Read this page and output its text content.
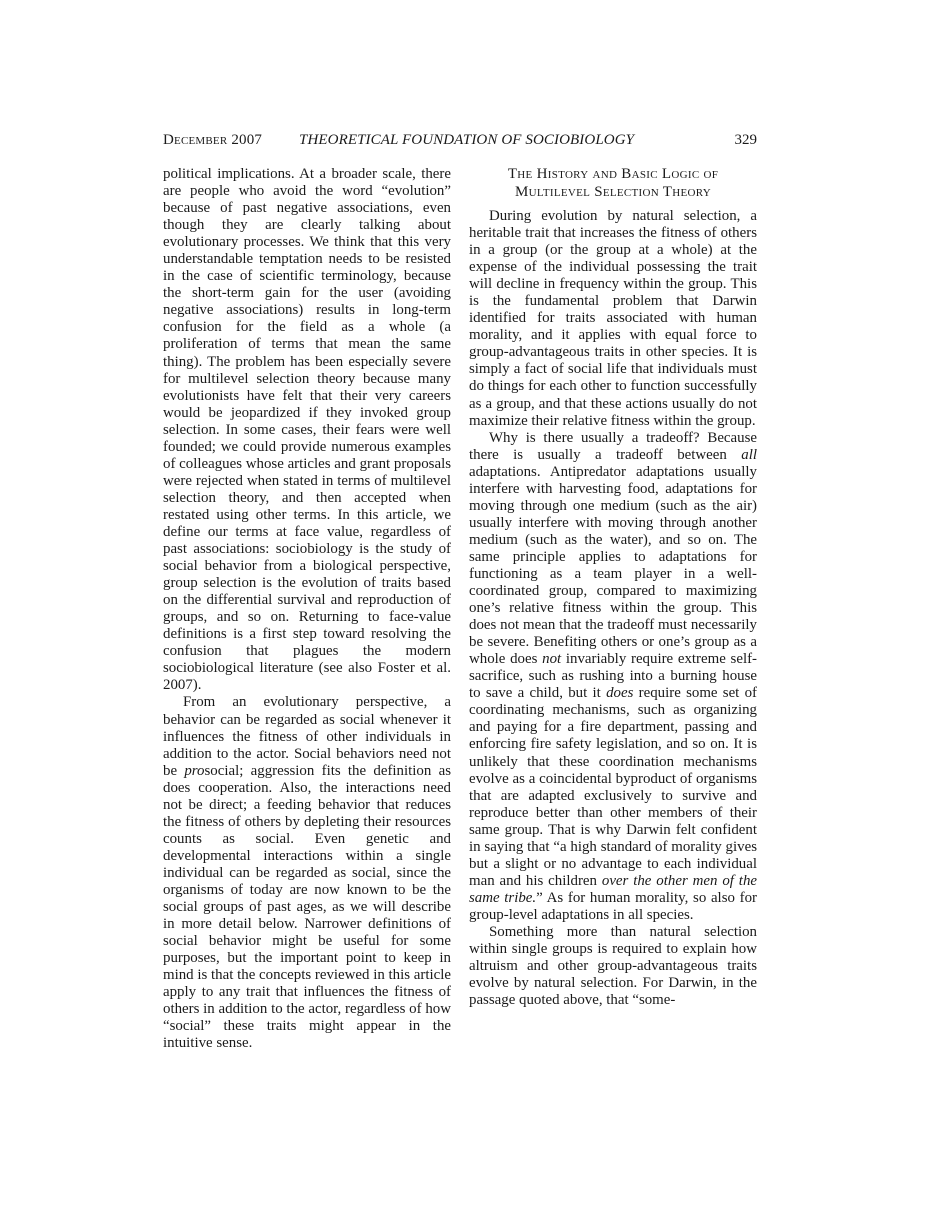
December 2007 THEORETICAL FOUNDATION OF SOCIOBIOLOGY	329

political implications. At a broader scale, there are people who avoid the word “evolution” because of past negative associations, even though they are clearly talking about evolutionary processes. We think that this very understandable temptation needs to be resisted in the case of scientific terminology, because the short-term gain for the user (avoiding negative associations) results in long-term confusion for the field as a whole (a proliferation of terms that mean the same thing). The problem has been especially severe for multilevel selection theory because many evolutionists have felt that their very careers would be jeopardized if they invoked group selection. In some cases, their fears were well founded; we could provide numerous examples of colleagues whose articles and grant proposals were rejected when stated in terms of multilevel selection theory, and then accepted when restated using other terms. In this article, we define our terms at face value, regardless of past associations: sociobiology is the study of social behavior from a biological perspective, group selection is the evolution of traits based on the differential survival and reproduction of groups, and so on. Returning to face-value definitions is a first step toward resolving the confusion that plagues the modern sociobiological literature (see also Foster et al. 2007).

From an evolutionary perspective, a behavior can be regarded as social whenever it influences the fitness of other individuals in addition to the actor. Social behaviors need not be prosocial; aggression fits the definition as does cooperation. Also, the interactions need not be direct; a feeding behavior that reduces the fitness of others by depleting their resources counts as social. Even genetic and developmental interactions within a single individual can be regarded as social, since the organisms of today are now known to be the social groups of past ages, as we will describe in more detail below. Narrower definitions of social behavior might be useful for some purposes, but the important point to keep in mind is that the concepts reviewed in this article apply to any trait that influences the fitness of others in addition to the actor, regardless of how “social” these traits might appear in the intuitive sense.

The History and Basic Logic of
Multilevel Selection Theory

During evolution by natural selection, a heritable trait that increases the fitness of others in a group (or the group at a whole) at the expense of the individual possessing the trait will decline in frequency within the group. This is the fundamental problem that Darwin identified for traits associated with human morality, and it applies with equal force to group-advantageous traits in other species. It is simply a fact of social life that individuals must do things for each other to function successfully as a group, and that these actions usually do not maximize their relative fitness within the group.

Why is there usually a tradeoff? Because there is usually a tradeoff between all adaptations. Antipredator adaptations usually interfere with harvesting food, adaptations for moving through one medium (such as the air) usually interfere with moving through another medium (such as the water), and so on. The same principle applies to adaptations for functioning as a team player in a well-coordinated group, compared to maximizing one’s relative fitness within the group. This does not mean that the tradeoff must necessarily be severe. Benefiting others or one’s group as a whole does not invariably require extreme self-sacrifice, such as rushing into a burning house to save a child, but it does require some set of coordinating mechanisms, such as organizing and paying for a fire department, passing and enforcing fire safety legislation, and so on. It is unlikely that these coordination mechanisms evolve as a coincidental byproduct of organisms that are adapted exclusively to survive and reproduce better than other members of their same group. That is why Darwin felt confident in saying that “a high standard of morality gives but a slight or no advantage to each individual man and his children over the other men of the same tribe.” As for human morality, so also for group-level adaptations in all species.

Something more than natural selection within single groups is required to explain how altruism and other group-advantageous traits evolve by natural selection. For Darwin, in the passage quoted above, that “some-
